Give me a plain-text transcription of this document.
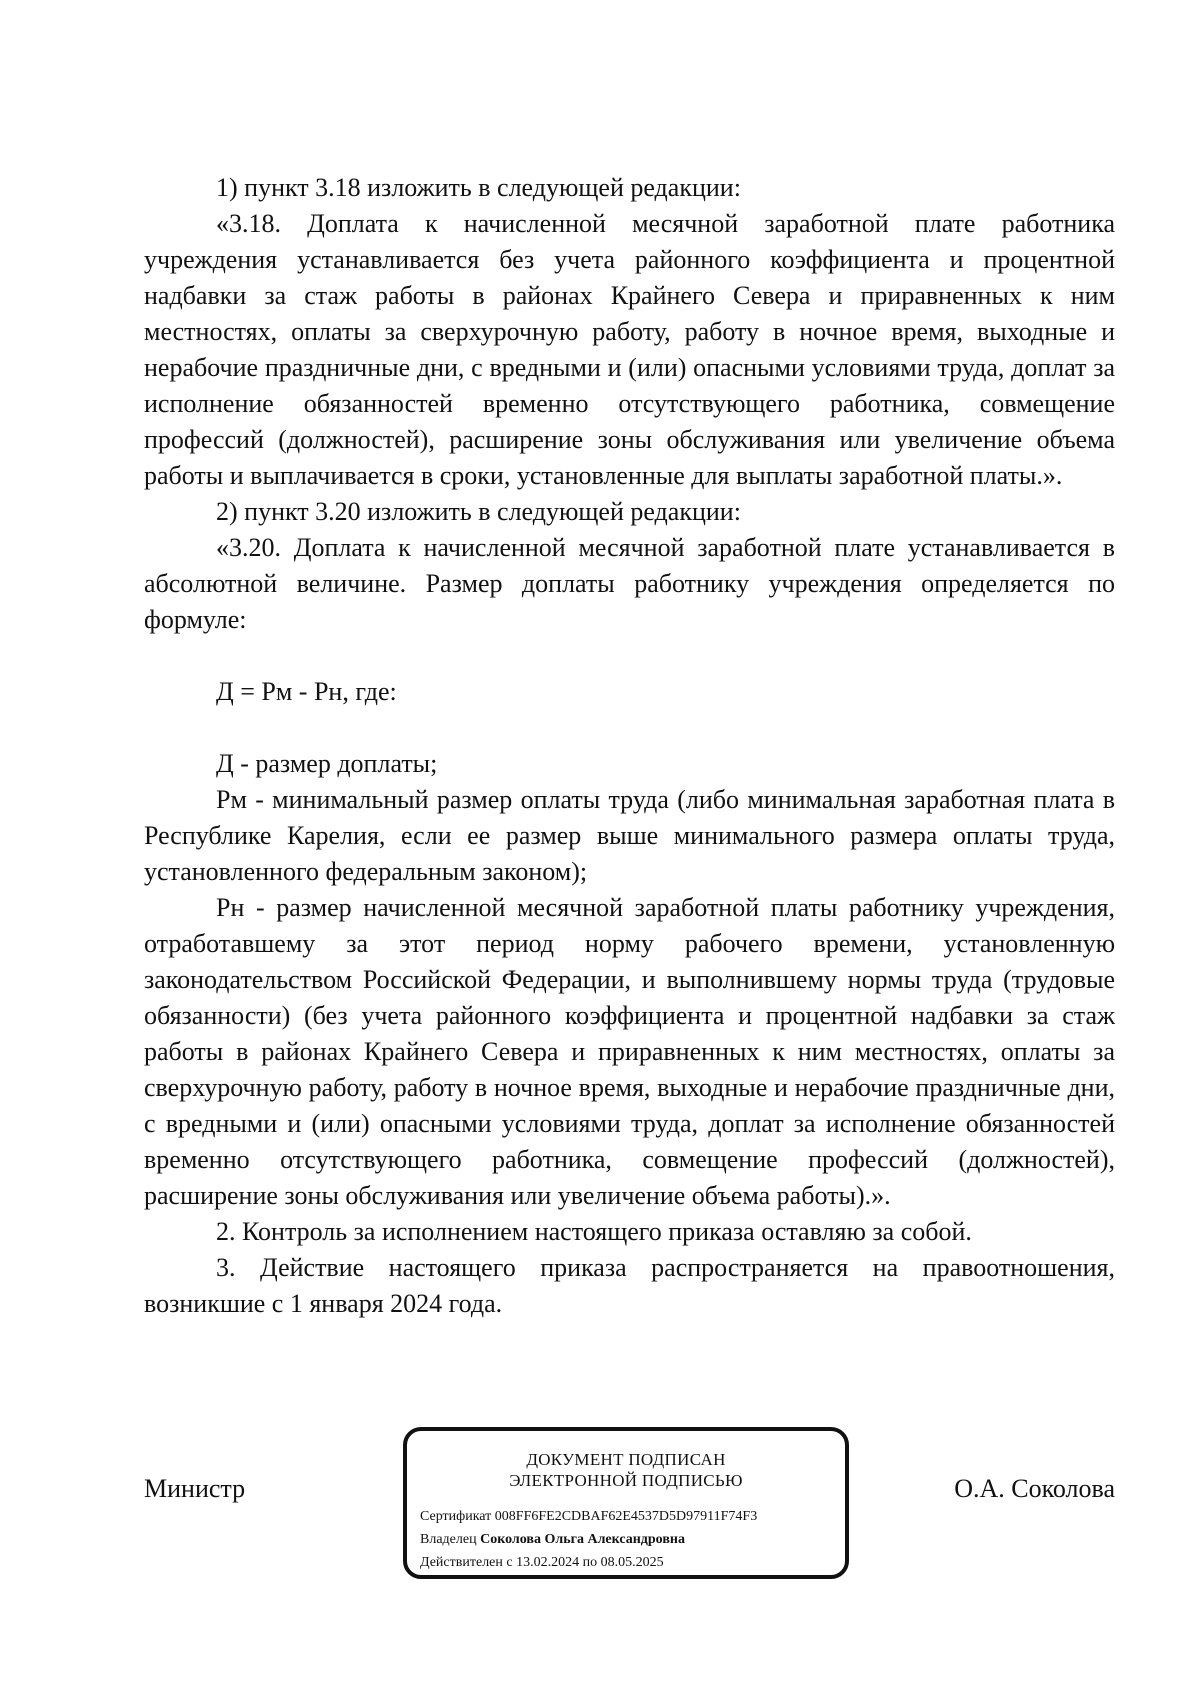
1) пункт 3.18 изложить в следующей редакции:

«3.18. Доплата к начисленной месячной заработной плате работника учреждения устанавливается без учета районного коэффициента и процентной надбавки за стаж работы в районах Крайнего Севера и приравненных к ним местностях, оплаты за сверхурочную работу, работу в ночное время, выходные и нерабочие праздничные дни, с вредными и (или) опасными условиями труда, доплат за исполнение обязанностей временно отсутствующего работника, совмещение профессий (должностей), расширение зоны обслуживания или увеличение объема работы и выплачивается в сроки, установленные для выплаты заработной платы.».

2) пункт 3.20 изложить в следующей редакции:

«3.20. Доплата к начисленной месячной заработной плате устанавливается в абсолютной величине. Размер доплаты работнику учреждения определяется по формуле:

Д = Рм - Рн, где:

Д - размер доплаты;

Рм - минимальный размер оплаты труда (либо минимальная заработная плата в Республике Карелия, если ее размер выше минимального размера оплаты труда, установленного федеральным законом);

Рн - размер начисленной месячной заработной платы работнику учреждения, отработавшему за этот период норму рабочего времени, установленную законодательством Российской Федерации, и выполнившему нормы труда (трудовые обязанности) (без учета районного коэффициента и процентной надбавки за стаж работы в районах Крайнего Севера и приравненных к ним местностях, оплаты за сверхурочную работу, работу в ночное время, выходные и нерабочие праздничные дни, с вредными и (или) опасными условиями труда, доплат за исполнение обязанностей временно отсутствующего работника, совмещение профессий (должностей), расширение зоны обслуживания или увеличение объема работы).».

2. Контроль за исполнением настоящего приказа оставляю за собой.

3. Действие настоящего приказа распространяется на правоотношения, возникшие с 1 января 2024 года.

Министр
ДОКУМЕНТ ПОДПИСАН
ЭЛЕКТРОННОЙ ПОДПИСЬЮ
Сертификат 008FF6FE2CDBAF62E4537D5D97911F74F3
Владелец Соколова Ольга Александровна
Действителен с 13.02.2024 по 08.05.2025
О.А. Соколова
